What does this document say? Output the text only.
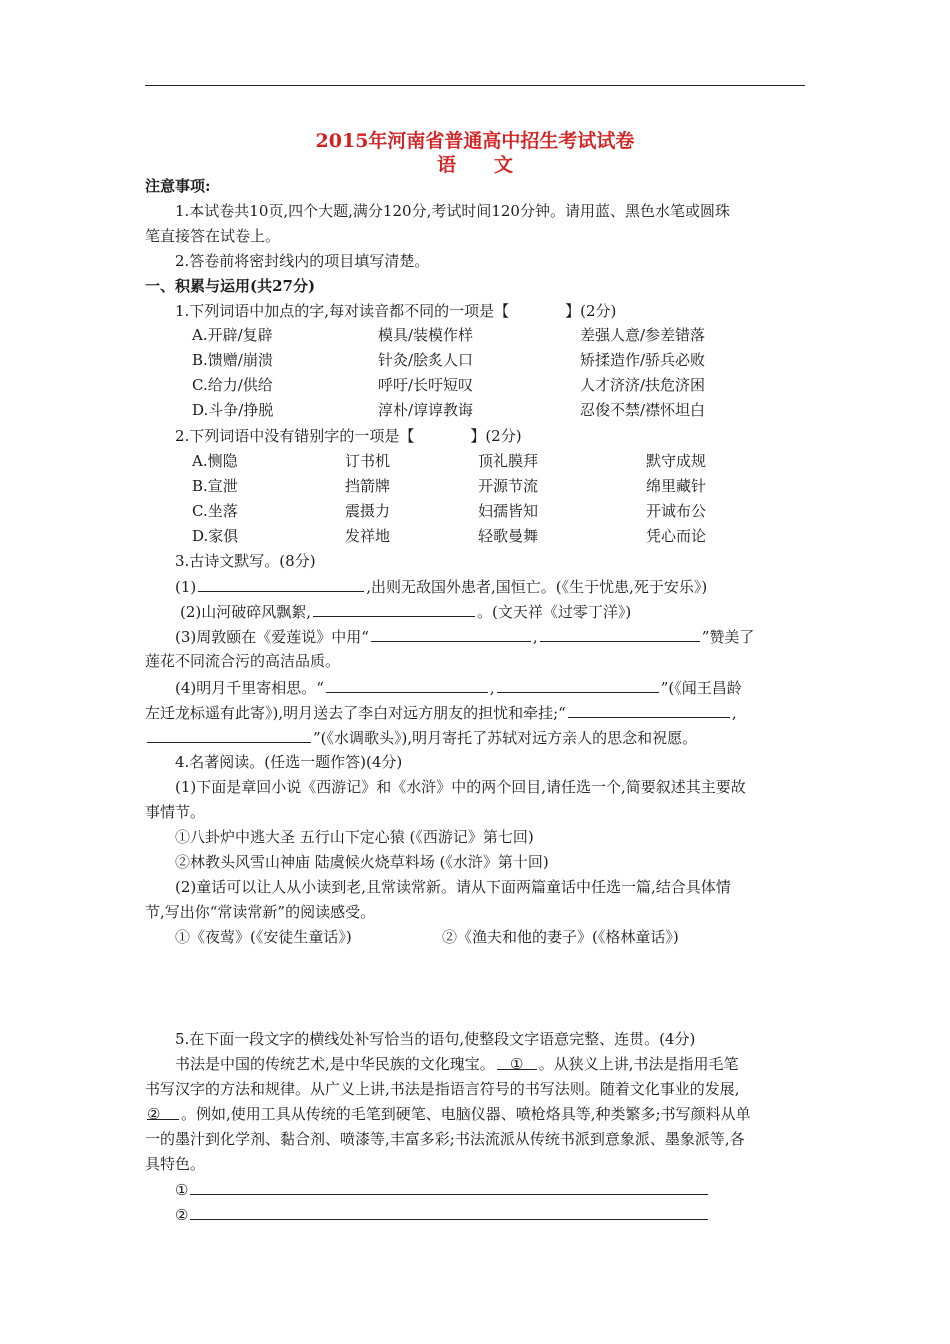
2015年河南省普通高中招生考试试卷
语文
注意事项:
1.本试卷共10页,四个大题,满分120分,考试时间120分钟。请用蓝、黑色水笔或圆珠
笔直接答在试卷上。
2.答卷前将密封线内的项目填写清楚。
一、积累与运用(共27分)
1.下列词语中加点的字,每对读音都不同的一项是【	】(2分)
A.开辟/复辟	模具/装模作样	差强人意/参差错落
B.馈赠/崩溃	针灸/脍炙人口	矫揉造作/骄兵必败
C.给力/供给	呼吁/长吁短叹	人才济济/扶危济困
D.斗争/挣脱	淳朴/谆谆教诲	忍俊不禁/襟怀坦白
2.下列词语中没有错别字的一项是【	】(2分)
A.恻隐	订书机	顶礼膜拜	默守成规
B.宣泄	挡箭牌	开源节流	绵里藏针
C.坐落	震摄力	妇孺皆知	开诚布公
D.家俱	发祥地	轻歌曼舞	凭心而论
3.古诗文默写。(8分)
(1)	,出则无敌国外患者,国恒亡。(《生于忧患,死于安乐》)
(2)山河破碎风飘絮,	。(文天祥《过零丁洋》)
(3)周敦颐在《爱莲说》中用“	,	”赞美了
莲花不同流合污的高洁品质。
(4)明月千里寄相思。“	,	”(《闻王昌龄
左迁龙标遥有此寄》),明月送去了李白对远方朋友的担忧和牵挂;“	,
”(《水调歌头》),明月寄托了苏轼对远方亲人的思念和祝愿。
4.名著阅读。(任选一题作答)(4分)
(1)下面是章回小说《西游记》和《水浒》中的两个回目,请任选一个,简要叙述其主要故
事情节。
①八卦炉中逃大圣 五行山下定心猿 (《西游记》第七回)
②林教头风雪山神庙 陆虞候火烧草料场 (《水浒》第十回)
(2)童话可以让人从小读到老,且常读常新。请从下面两篇童话中任选一篇,结合具体情
节,写出你“常读常新”的阅读感受。
①《夜莺》(《安徒生童话》)	②《渔夫和他的妻子》(《格林童话》)
5.在下面一段文字的横线处补写恰当的语句,使整段文字语意完整、连贯。(4分)
书法是中国的传统艺术,是中华民族的文化瑰宝。 ① 。从狭义上讲,书法是指用毛笔
书写汉字的方法和规律。从广义上讲,书法是指语言符号的书写法则。随着文化事业的发展,
② 。例如,使用工具从传统的毛笔到硬笔、电脑仪器、喷枪烙具等,种类繁多;书写颜料从单
一的墨汁到化学剂、黏合剂、喷漆等,丰富多彩;书法流派从传统书派到意象派、墨象派等,各
具特色。
①
②
